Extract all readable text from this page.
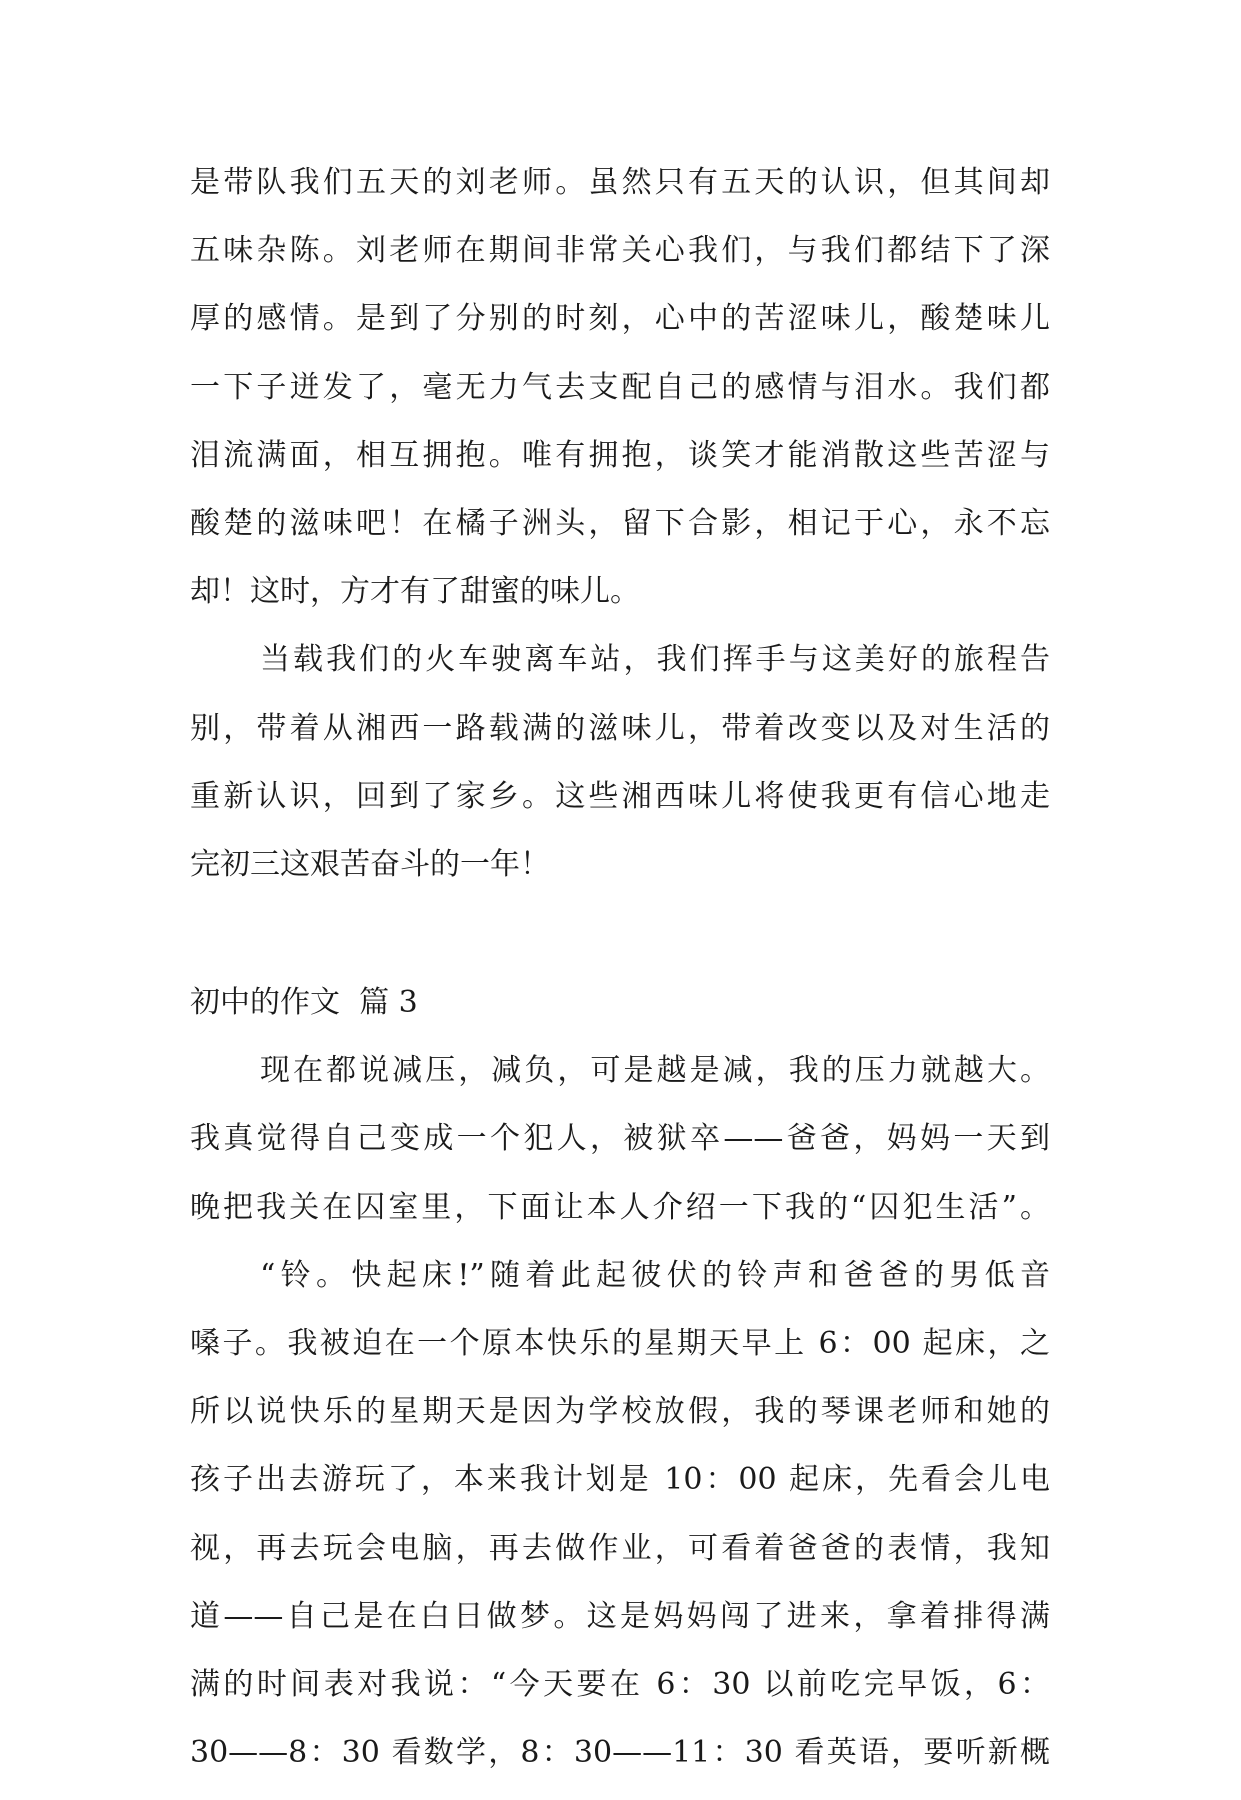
是带队我们五天的刘老师。虽然只有五天的认识，但其间却
五味杂陈。刘老师在期间非常关心我们，与我们都结下了深
厚的感情。是到了分别的时刻，心中的苦涩味儿，酸楚味儿
一下子迸发了，毫无力气去支配自己的感情与泪水。我们都
泪流满面，相互拥抱。唯有拥抱，谈笑才能消散这些苦涩与
酸楚的滋味吧！在橘子洲头，留下合影，相记于心，永不忘
却！这时，方才有了甜蜜的味儿。
当载我们的火车驶离车站，我们挥手与这美好的旅程告
别，带着从湘西一路载满的滋味儿，带着改变以及对生活的
重新认识，回到了家乡。这些湘西味儿将使我更有信心地走
完初三这艰苦奋斗的一年！
初中的作文  篇 3
现在都说减压，减负，可是越是减，我的压力就越大。
我真觉得自己变成一个犯人，被狱卒——爸爸，妈妈一天到
晚把我关在囚室里，下面让本人介绍一下我的“囚犯生活”。
“铃。快起床!”随着此起彼伏的铃声和爸爸的男低音
嗓子。我被迫在一个原本快乐的星期天早上 6：00 起床，之
所以说快乐的星期天是因为学校放假，我的琴课老师和她的
孩子出去游玩了，本来我计划是 10：00 起床，先看会儿电
视，再去玩会电脑，再去做作业，可看着爸爸的表情，我知
道——自己是在白日做梦。这是妈妈闯了进来，拿着排得满
满的时间表对我说：“今天要在 6：30 以前吃完早饭，6：
30——8：30 看数学，8：30——11：30 看英语，要听新概
